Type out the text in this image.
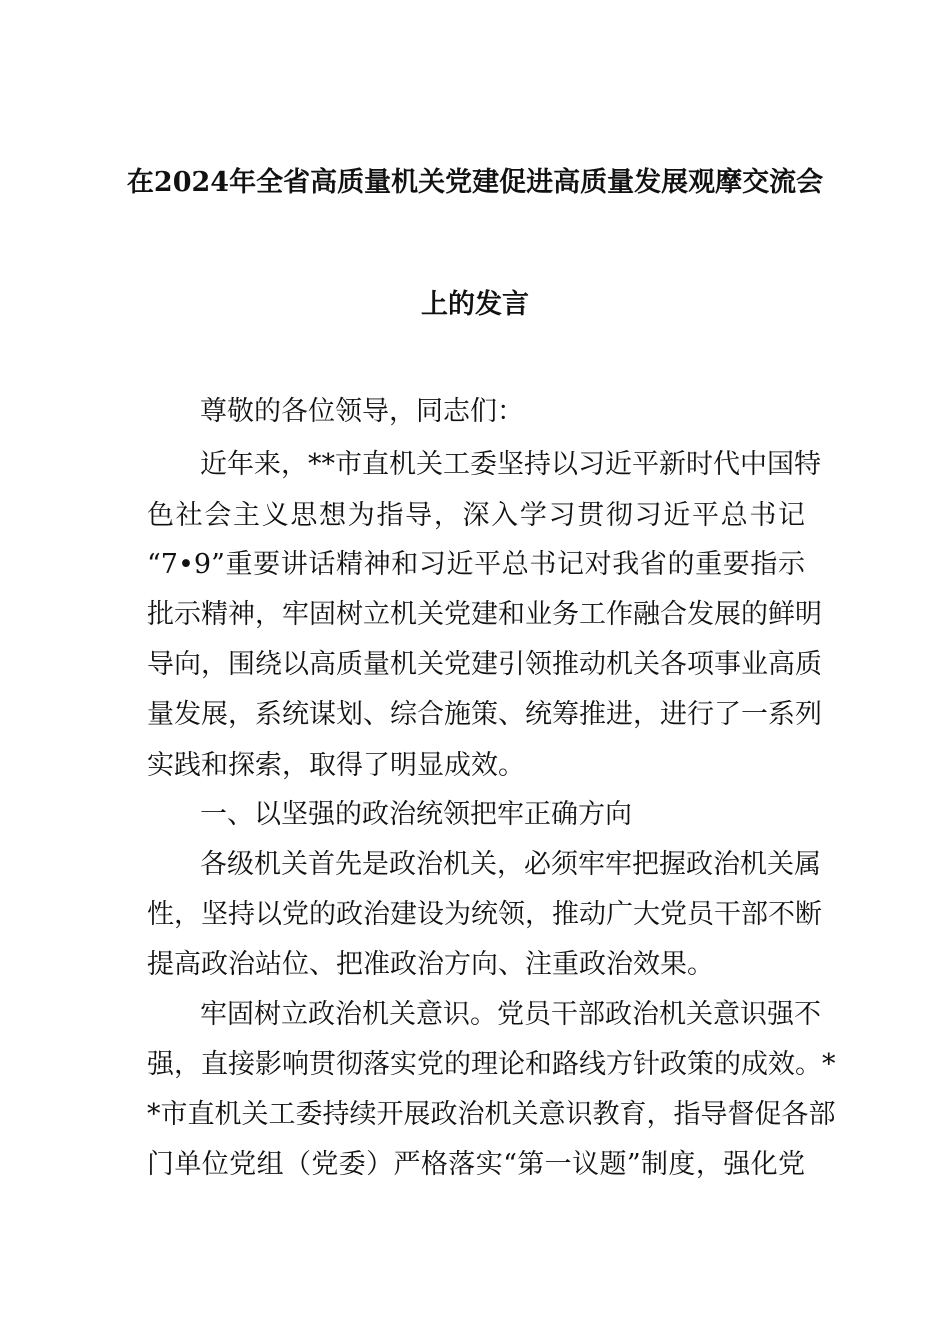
在2024年全省高质量机关党建促进高质量发展观摩交流会
上的发言
尊敬的各位领导，同志们：
近年来，**市直机关工委坚持以习近平新时代中国特
色社会主义思想为指导，深入学习贯彻习近平总书记
“7•9”重要讲话精神和习近平总书记对我省的重要指示
批示精神，牢固树立机关党建和业务工作融合发展的鲜明
导向，围绕以高质量机关党建引领推动机关各项事业高质
量发展，系统谋划、综合施策、统筹推进，进行了一系列
实践和探索，取得了明显成效。
一、以坚强的政治统领把牢正确方向
各级机关首先是政治机关，必须牢牢把握政治机关属
性，坚持以党的政治建设为统领，推动广大党员干部不断
提高政治站位、把准政治方向、注重政治效果。
牢固树立政治机关意识。党员干部政治机关意识强不
强，直接影响贯彻落实党的理论和路线方针政策的成效。*
*市直机关工委持续开展政治机关意识教育，指导督促各部
门单位党组（党委）严格落实“第一议题”制度，强化党
